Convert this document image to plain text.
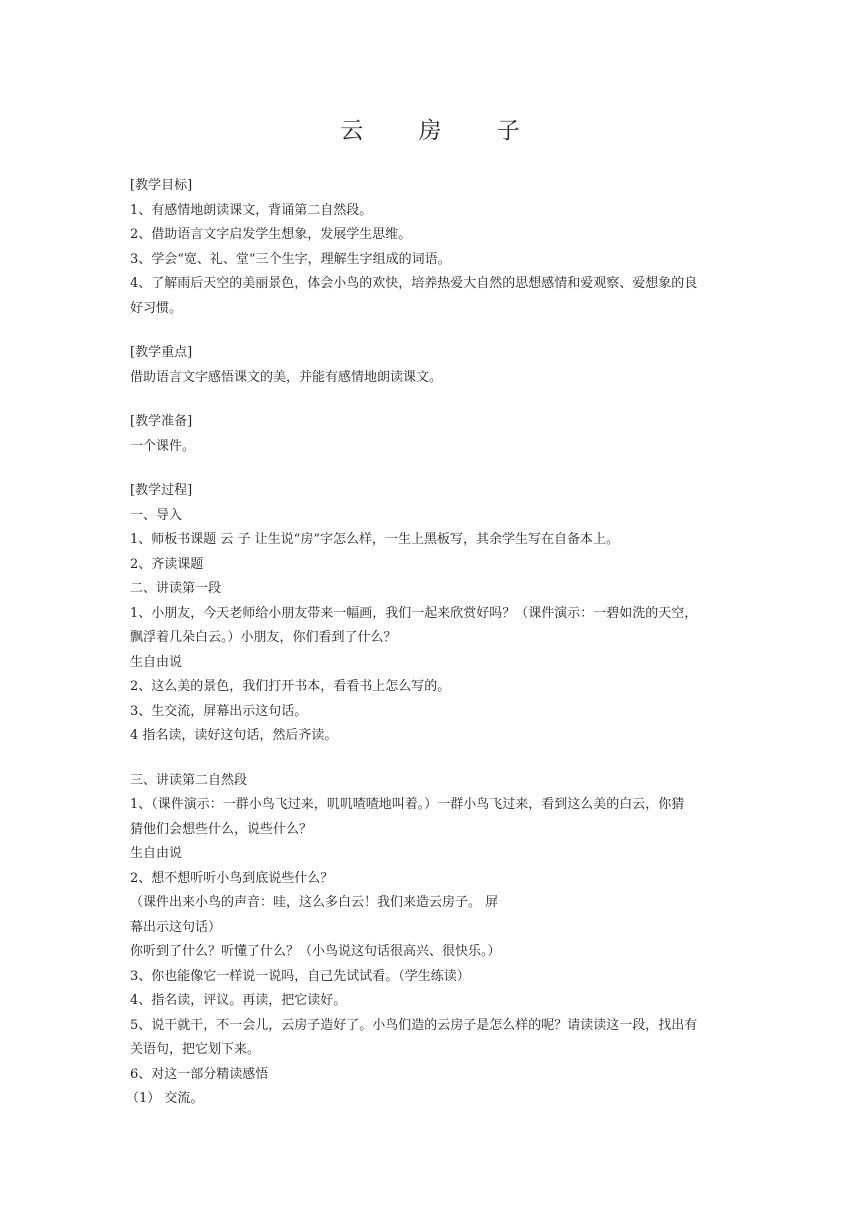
云 房 子
[教学目标]
1、有感情地朗读课文，背诵第二自然段。
2、借助语言文字启发学生想象，发展学生思维。
3、学会“宽、礼、堂”三个生字，理解生字组成的词语。
4、了解雨后天空的美丽景色，体会小鸟的欢快，培养热爱大自然的思想感情和爱观察、爱想象的良
好习惯。
[教学重点]
借助语言文字感悟课文的美，并能有感情地朗读课文。
[教学准备]
一个课件。
[教学过程]
一、导入
1、师板书课题 云 子 让生说“房”字怎么样，一生上黑板写，其余学生写在自备本上。
2、齐读课题
二、讲读第一段
1、小朋友，今天老师给小朋友带来一幅画，我们一起来欣赏好吗？（课件演示：一碧如洗的天空，
飘浮着几朵白云。）小朋友，你们看到了什么？
生自由说
2、这么美的景色，我们打开书本，看看书上怎么写的。
3、生交流，屏幕出示这句话。
4 指名读，读好这句话，然后齐读。
三、讲读第二自然段
1、（课件演示：一群小鸟飞过来，叽叽喳喳地叫着。）一群小鸟飞过来，看到这么美的白云，你猜
猜他们会想些什么，说些什么？
生自由说
2、想不想听听小鸟到底说些什么？
（课件出来小鸟的声音：哇，这么多白云！我们来造云房子。 屏
幕出示这句话）
你听到了什么？听懂了什么？（小鸟说这句话很高兴、很快乐。）
3、你也能像它一样说一说吗，自己先试试看。（学生练读）
4、指名读，评议。再读，把它读好。
5、说干就干，不一会儿，云房子造好了。小鸟们造的云房子是怎么样的呢？请读读这一段，找出有
关语句，把它划下来。
6、对这一部分精读感悟
（1） 交流。
